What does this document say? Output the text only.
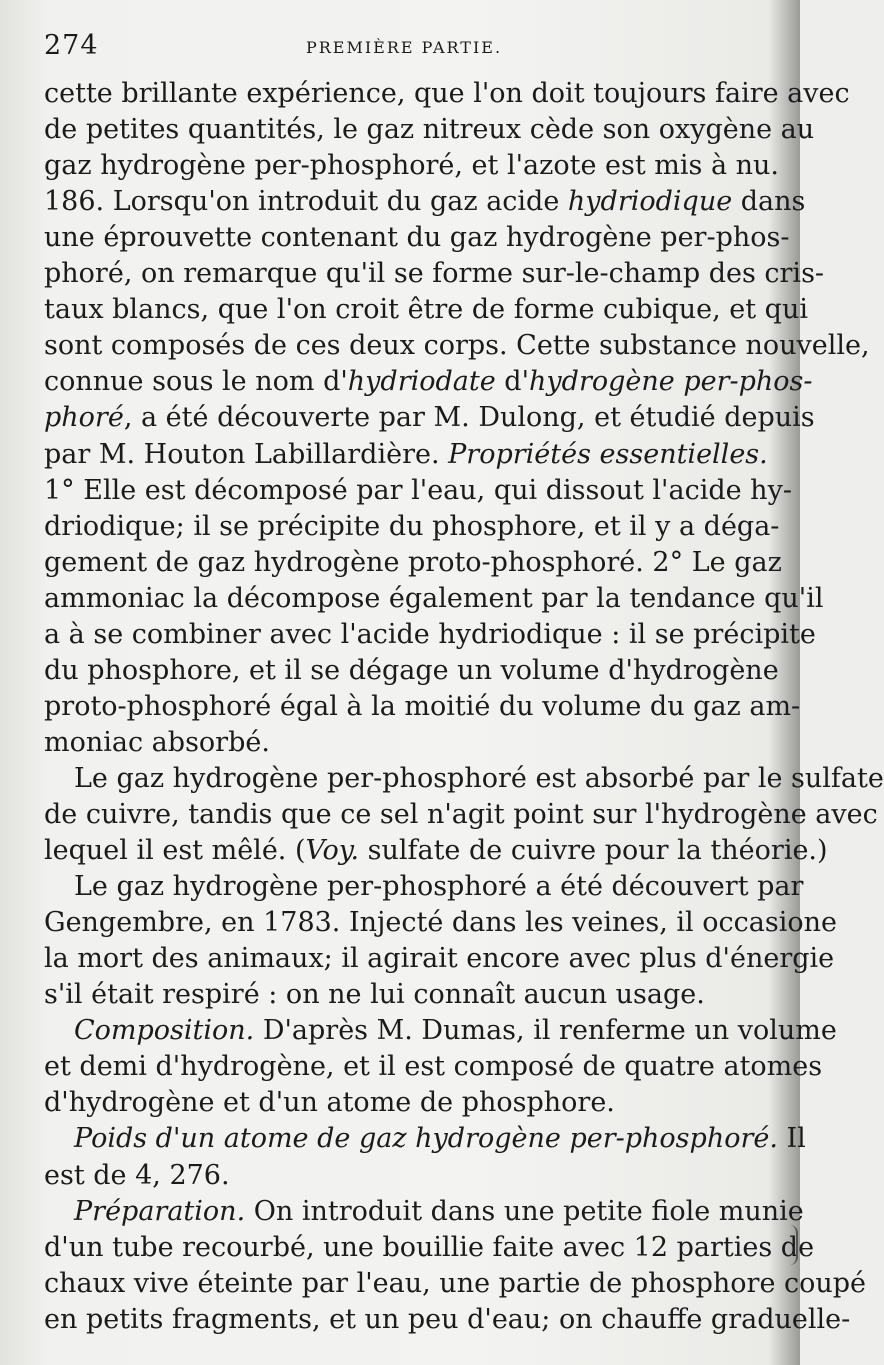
274	PREMIÈRE PARTIE.
cette brillante expérience, que l'on doit toujours faire avec
de petites quantités, le gaz nitreux cède son oxygène au
gaz hydrogène per-phosphoré, et l'azote est mis à nu.
186. Lorsqu'on introduit du gaz acide hydriodique dans
une éprouvette contenant du gaz hydrogène per-phos-
phoré, on remarque qu'il se forme sur-le-champ des cris-
taux blancs, que l'on croit être de forme cubique, et qui
sont composés de ces deux corps. Cette substance nouvelle,
connue sous le nom d'hydriodate d'hydrogène per-phos-
phoré, a été découverte par M. Dulong, et étudié depuis
par M. Houton Labillardière. Propriétés essentielles.
1° Elle est décomposé par l'eau, qui dissout l'acide hy-
driodique; il se précipite du phosphore, et il y a déga-
gement de gaz hydrogène proto-phosphoré. 2° Le gaz
ammoniac la décompose également par la tendance qu'il
a à se combiner avec l'acide hydriodique : il se précipite
du phosphore, et il se dégage un volume d'hydrogène
proto-phosphoré égal à la moitié du volume du gaz am-
moniac absorbé.
Le gaz hydrogène per-phosphoré est absorbé par le sulfate
de cuivre, tandis que ce sel n'agit point sur l'hydrogène avec
lequel il est mêlé. (Voy. sulfate de cuivre pour la théorie.)
Le gaz hydrogène per-phosphoré a été découvert par
Gengembre, en 1783. Injecté dans les veines, il occasione
la mort des animaux; il agirait encore avec plus d'énergie
s'il était respiré : on ne lui connaît aucun usage.
Composition. D'après M. Dumas, il renferme un volume
et demi d'hydrogène, et il est composé de quatre atomes
d'hydrogène et d'un atome de phosphore.
Poids d'un atome de gaz hydrogène per-phosphoré. Il
est de 4, 276.
Préparation. On introduit dans une petite fiole munie
d'un tube recourbé, une bouillie faite avec 12 parties de
chaux vive éteinte par l'eau, une partie de phosphore coupé
en petits fragments, et un peu d'eau; on chauffe graduelle-
